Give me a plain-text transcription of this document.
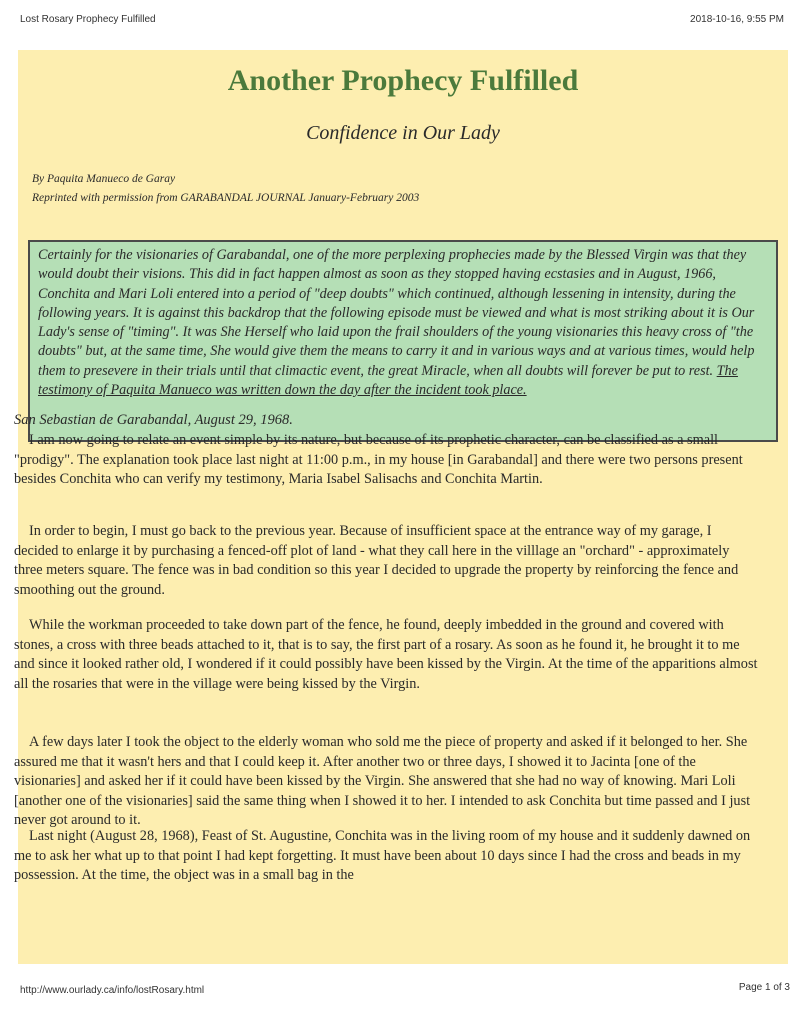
Lost Rosary Prophecy Fulfilled	2018-10-16, 9:55 PM
Another Prophecy Fulfilled
Confidence in Our Lady
By Paquita Manueco de Garay
Reprinted with permission from GARABANDAL JOURNAL January-February 2003
Certainly for the visionaries of Garabandal, one of the more perplexing prophecies made by the Blessed Virgin was that they would doubt their visions. This did in fact happen almost as soon as they stopped having ecstasies and in August, 1966, Conchita and Mari Loli entered into a period of "deep doubts" which continued, although lessening in intensity, during the following years. It is against this backdrop that the following episode must be viewed and what is most striking about it is Our Lady's sense of "timing". It was She Herself who laid upon the frail shoulders of the young visionaries this heavy cross of "the doubts" but, at the same time, She would give them the means to carry it and in various ways and at various times, would help them to presevere in their trials until that climactic event, the great Miracle, when all doubts will forever be put to rest. The testimony of Paquita Manueco was written down the day after the incident took place.
San Sebastian de Garabandal, August 29, 1968.
I am now going to relate an event simple by its nature, but because of its prophetic character, can be classified as a small "prodigy". The explanation took place last night at 11:00 p.m., in my house [in Garabandal] and there were two persons present besides Conchita who can verify my testimony, Maria Isabel Salisachs and Conchita Martin.
In order to begin, I must go back to the previous year. Because of insufficient space at the entrance way of my garage, I decided to enlarge it by purchasing a fenced-off plot of land - what they call here in the villlage an "orchard" - approximately three meters square. The fence was in bad condition so this year I decided to upgrade the property by reinforcing the fence and smoothing out the ground.
While the workman proceeded to take down part of the fence, he found, deeply imbedded in the ground and covered with stones, a cross with three beads attached to it, that is to say, the first part of a rosary. As soon as he found it, he brought it to me and since it looked rather old, I wondered if it could possibly have been kissed by the Virgin. At the time of the apparitions almost all the rosaries that were in the village were being kissed by the Virgin.
A few days later I took the object to the elderly woman who sold me the piece of property and asked if it belonged to her. She assured me that it wasn't hers and that I could keep it. After another two or three days, I showed it to Jacinta [one of the visionaries] and asked her if it could have been kissed by the Virgin. She answered that she had no way of knowing. Mari Loli [another one of the visionaries] said the same thing when I showed it to her. I intended to ask Conchita but time passed and I just never got around to it.
Last night (August 28, 1968), Feast of St. Augustine, Conchita was in the living room of my house and it suddenly dawned on me to ask her what up to that point I had kept forgetting. It must have been about 10 days since I had the cross and beads in my possession. At the time, the object was in a small bag in the
http://www.ourlady.ca/info/lostRosary.html	Page 1 of 3
